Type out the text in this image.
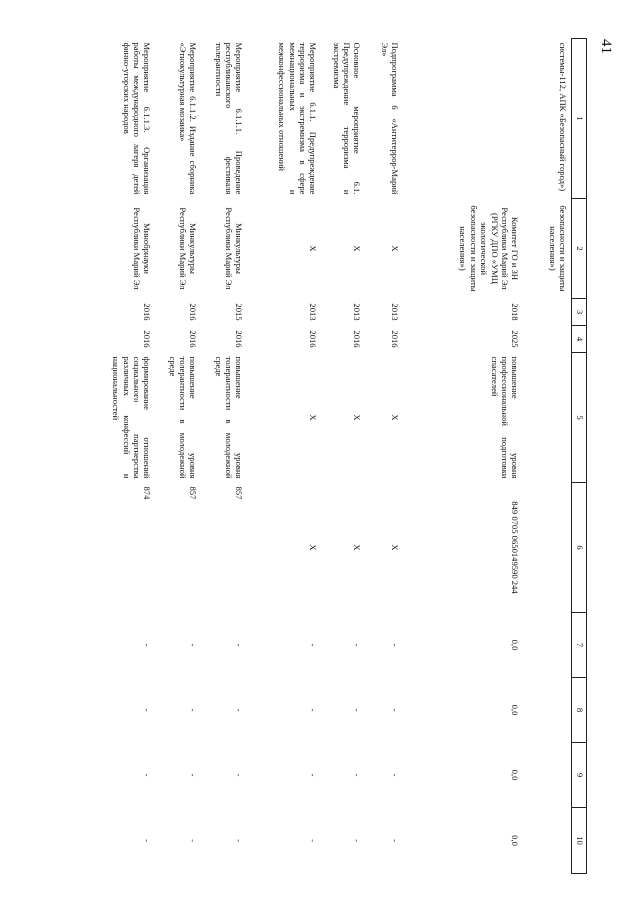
41
1	2	3	4	5	6	7	8	9	10
системы-112, АПК «Безопасный город»)	безопасности и защиты населения»)								
	Комитет ГО и ЗН Республики Марий Эл (РГКУ ДПО «УМЦ экологической безопасности и защиты населения»)	2018	2025	повышение уровня профессиональной подготовки спасателей	849 0705 0650149590 244	0,0	0,0	0,0	0,0
Подпрограмма 6 «Антитеррор-Марий Эл»	X	2013	2016	X	X	-	-	-	-
Основное мероприятие 6.1. Предупреждение терроризма и экстремизма	X	2013	2016	X	X	-	-	-	-
Мероприятие 6.1.1. Предупреждение терроризма и экстремизма в сфере межнациональных и межконфессиональных отношений	X	2013	2016	X	X	-	-	-	-
Мероприятие 6.1.1.1. Проведение республиканского фестиваля толерантности	Минкультуры Республики Марий Эл	2015	2016	повышение уровня толерантности в молодежной среде	857	-	-	-	-
Мероприятие 6.1.1.2. Издание сборника «Этнокультурная мозаика»	Минкультуры Республики Марий Эл	2016	2016	повышение уровня толерантности в молодежной среде	857	-	-	-	-
Мероприятие 6.1.1.3. Организация работы международного лагеря детей финно-угорских народов	Минобрнауки Республики Марий Эл	2016	2016	формирование отношений социального партнерства различных конфессий и национальностей	874	-	-	-	-
